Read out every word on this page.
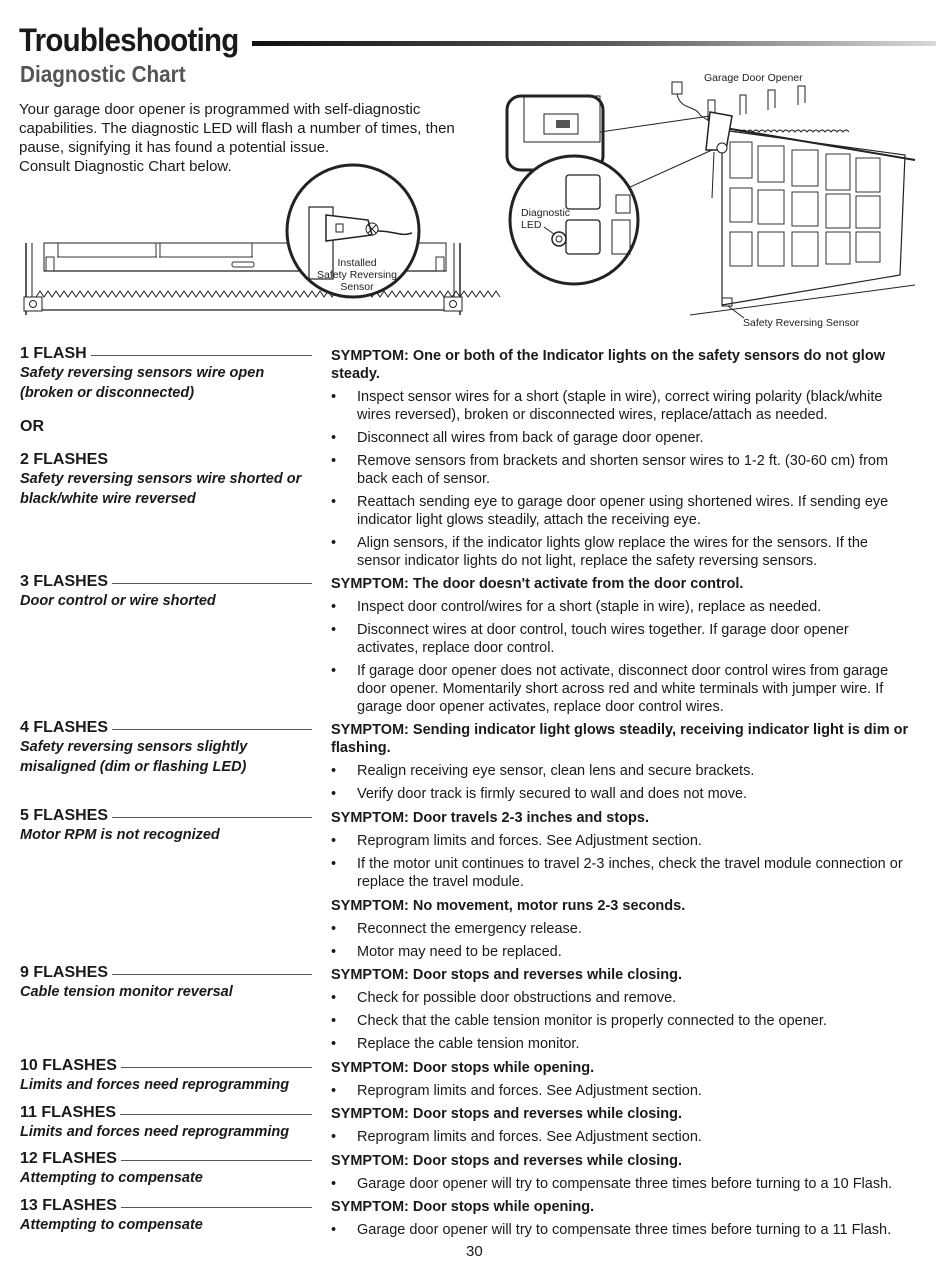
Troubleshooting
Diagnostic Chart

Your garage door opener is programmed with self-diagnostic

capabilities. The diagnostic LED will flash a number of times, then

pause, signifying it has found a potential issue.

Consult Diagnostic Chart below.

Installed
Safety Reversing
Sensor
Garage Door Opener
Safety Reversing Sensor
Diagnostic
LED
1 FLASH
Safety reversing sensors wire open
(broken or disconnected)
OR
2 FLASHES
Safety reversing sensors wire shorted or
black/white wire reversed
3 FLASHES
Door control or wire shorted
4 FLASHES
Safety reversing sensors slightly
misaligned (dim or flashing LED)
5 FLASHES
Motor RPM is not recognized
9 FLASHES
Cable tension monitor reversal
10 FLASHES
Limits and forces need reprogramming
11 FLASHES
Limits and forces need reprogramming
12 FLASHES
Attempting to compensate
13 FLASHES
Attempting to compensate
SYMPTOM: One or both of the Indicator lights on the safety sensors do not glow
steady.
• Inspect sensor wires for a short (staple in wire), correct wiring polarity (black/white
wires reversed), broken or disconnected wires, replace/attach as needed.
• Disconnect all wires from back of garage door opener.
• Remove sensors from brackets and shorten sensor wires to 1-2 ft. (30-60 cm) from
back each of sensor.
• Reattach sending eye to garage door opener using shortened wires. If sending eye
indicator light glows steadily, attach the receiving eye.
• Align sensors, if the indicator lights glow replace the wires for the sensors. If the
sensor indicator lights do not light, replace the safety reversing sensors.
SYMPTOM: The door doesn't activate from the door control.
• Inspect door control/wires for a short (staple in wire), replace as needed.
• Disconnect wires at door control, touch wires together. If garage door opener
activates, replace door control.
• If garage door opener does not activate, disconnect door control wires from garage
door opener. Momentarily short across red and white terminals with jumper wire. If
garage door opener activates, replace door control wires.
SYMPTOM: Sending indicator light glows steadily, receiving indicator light is dim or
flashing.
• Realign receiving eye sensor, clean lens and secure brackets.
• Verify door track is firmly secured to wall and does not move.
SYMPTOM: Door travels 2-3 inches and stops.
• Reprogram limits and forces. See Adjustment section.
• If the motor unit continues to travel 2-3 inches, check the travel module connection or
replace the travel module.
SYMPTOM: No movement, motor runs 2-3 seconds.
• Reconnect the emergency release.
• Motor may need to be replaced.
SYMPTOM: Door stops and reverses while closing.
• Check for possible door obstructions and remove.
• Check that the cable tension monitor is properly connected to the opener.
• Replace the cable tension monitor.
SYMPTOM: Door stops while opening.
• Reprogram limits and forces. See Adjustment section.
SYMPTOM: Door stops and reverses while closing.
• Reprogram limits and forces. See Adjustment section.
SYMPTOM: Door stops and reverses while closing.
• Garage door opener will try to compensate three times before turning to a 10 Flash.
SYMPTOM: Door stops while opening.
• Garage door opener will try to compensate three times before turning to a 11 Flash.
30
